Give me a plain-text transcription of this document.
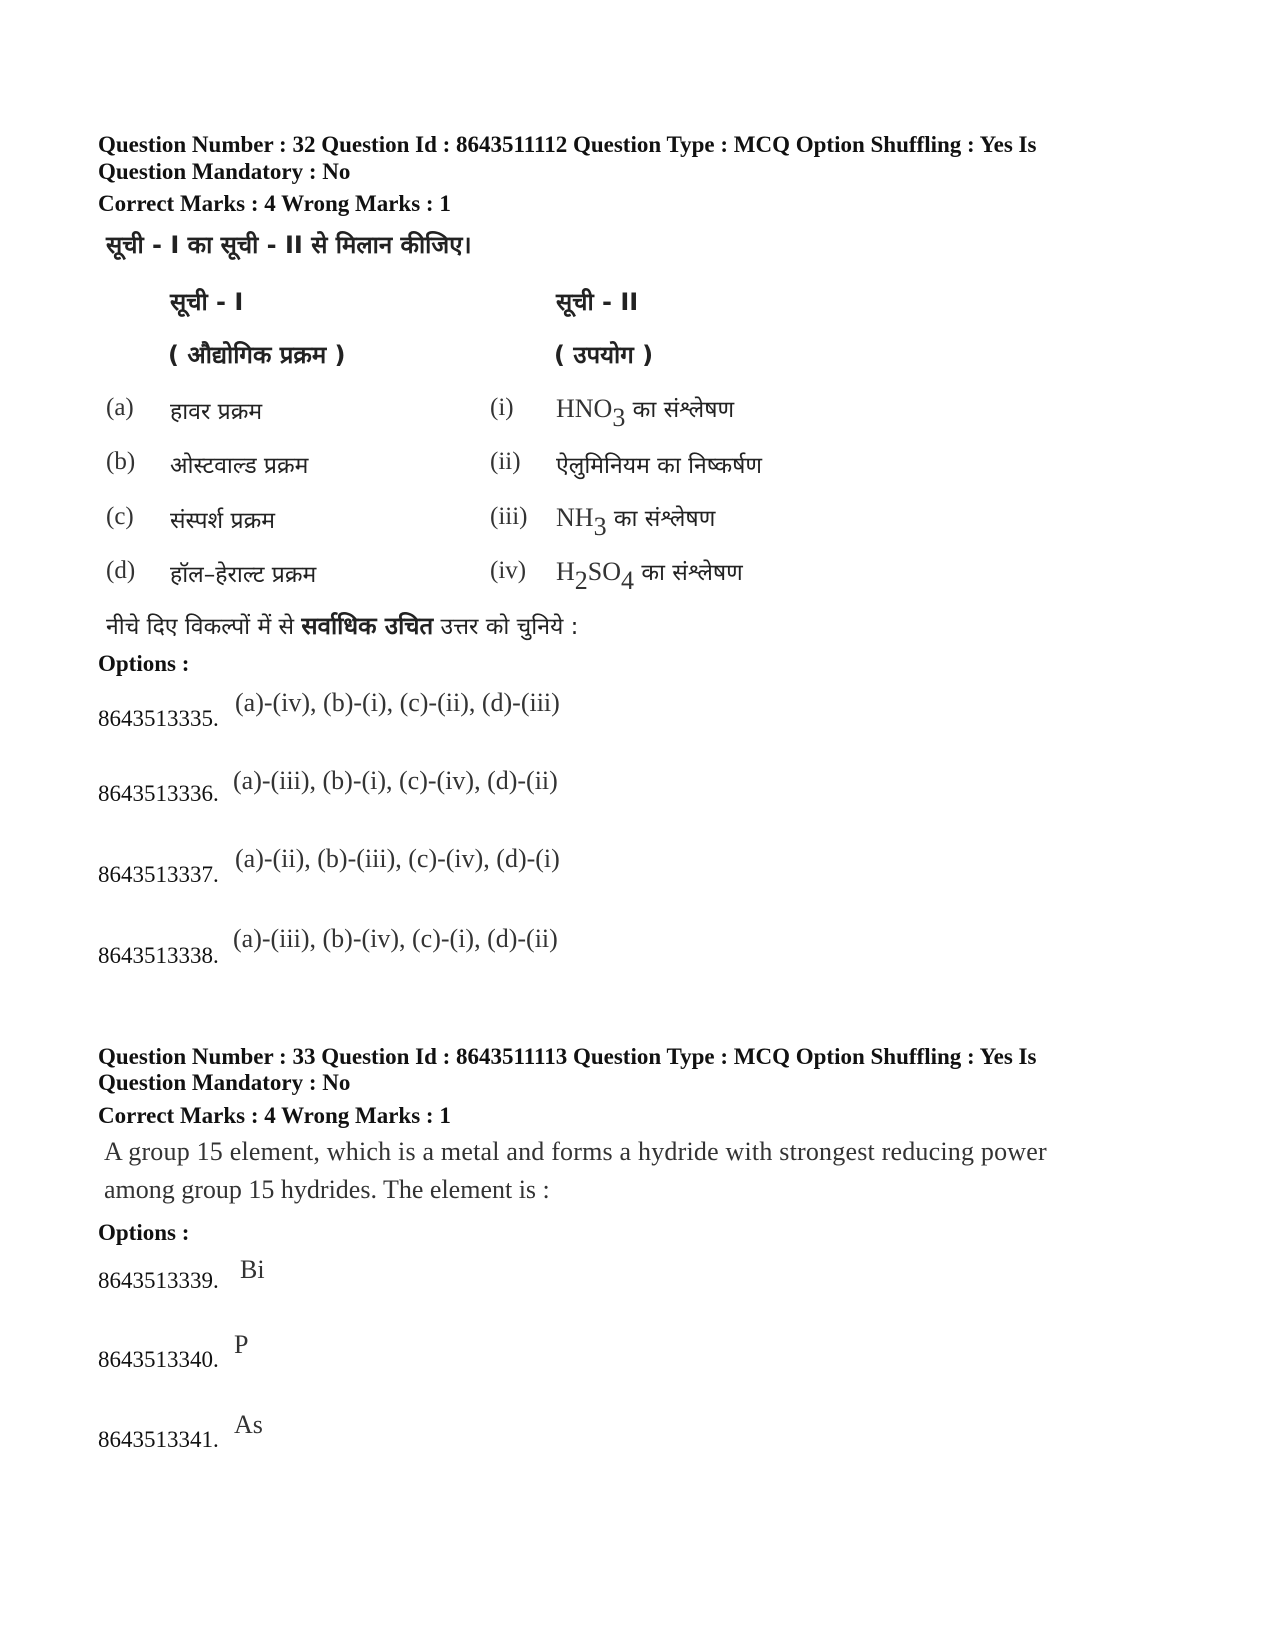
Question Number : 32 Question Id : 8643511112 Question Type : MCQ Option Shuffling : Yes Is
Question Mandatory : No
Correct Marks : 4 Wrong Marks : 1
सूची - I का सूची - II से मिलान कीजिए।
सूची - I
( औद्योगिक प्रक्रम )
सूची - II
( उपयोग )
(a) हावर प्रक्रम	(i) $HNO_3$ का संश्लेषण
(b) ओस्टवाल्ड प्रक्रम	(ii) ऐलुमिनियम का निष्कर्षण
(c) संस्पर्श प्रक्रम	(iii) $NH_3$ का संश्लेषण
(d) हॉल–हेराल्ट प्रक्रम	(iv) $H_2SO_4$ का संश्लेषण
नीचे दिए विकल्पों में से सर्वाधिक उचित उत्तर को चुनिये :
Options :
8643513335.
(a)-(iv), (b)-(i), (c)-(ii), (d)-(iii)
8643513336. (a)-(iii), (b)-(i), (c)-(iv), (d)-(ii)
8643513337.
(a)-(ii), (b)-(iii), (c)-(iv), (d)-(i)
8643513338.
(a)-(iii), (b)-(iv), (c)-(i), (d)-(ii)
Question Number : 33 Question Id : 8643511113 Question Type : MCQ Option Shuffling : Yes Is
Question Mandatory : No
Correct Marks : 4 Wrong Marks : 1
A group 15 element, which is a metal and forms a hydride with strongest reducing power
among group 15 hydrides. The element is :
Options :
8643513339. Bi
8643513340.
P
8643513341.
As
